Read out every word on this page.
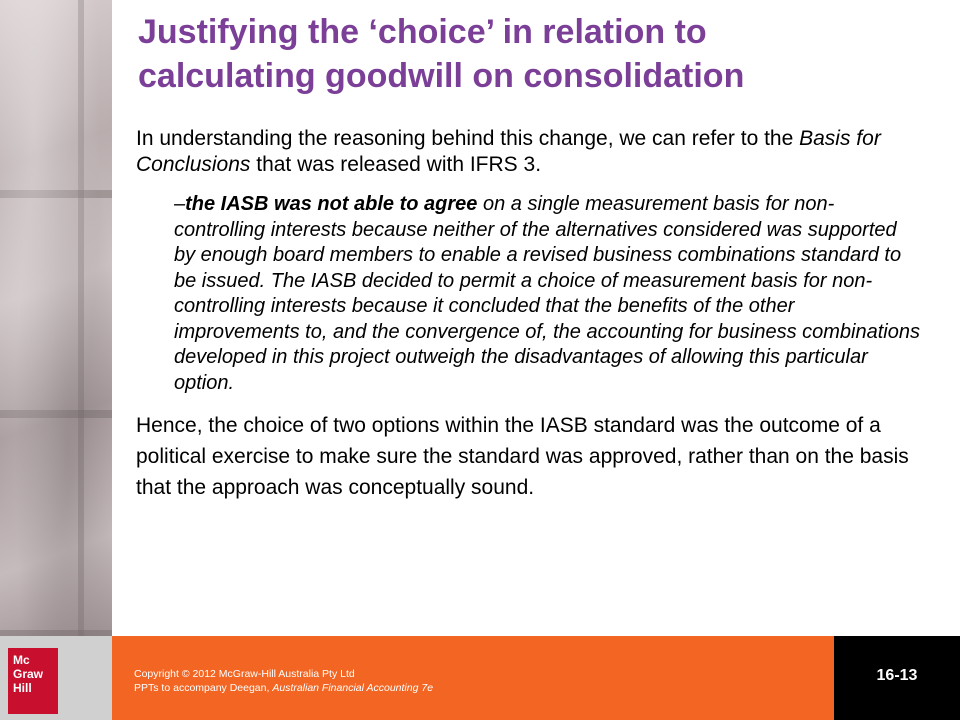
Justifying the ‘choice’ in relation to
calculating goodwill on consolidation

In understanding the reasoning behind this change, we can refer to the Basis for Conclusions that was released with IFRS 3.

–the IASB was not able to agree on a single measurement basis for non-controlling interests because neither of the alternatives considered was supported by enough board members to enable a revised business combinations standard to be issued. The IASB decided to permit a choice of measurement basis for non-controlling interests because it concluded that the benefits of the other improvements to, and the convergence of, the accounting for business combinations developed in this project outweigh the disadvantages of allowing this particular option.

Hence, the choice of two options within the IASB standard was the outcome of a political exercise to make sure the standard was approved, rather than on the basis that the approach was conceptually sound.

Mc
Graw
Hill
Copyright © 2012 McGraw-Hill Australia Pty Ltd
PPTs to accompany Deegan, Australian Financial Accounting 7e
16-13
